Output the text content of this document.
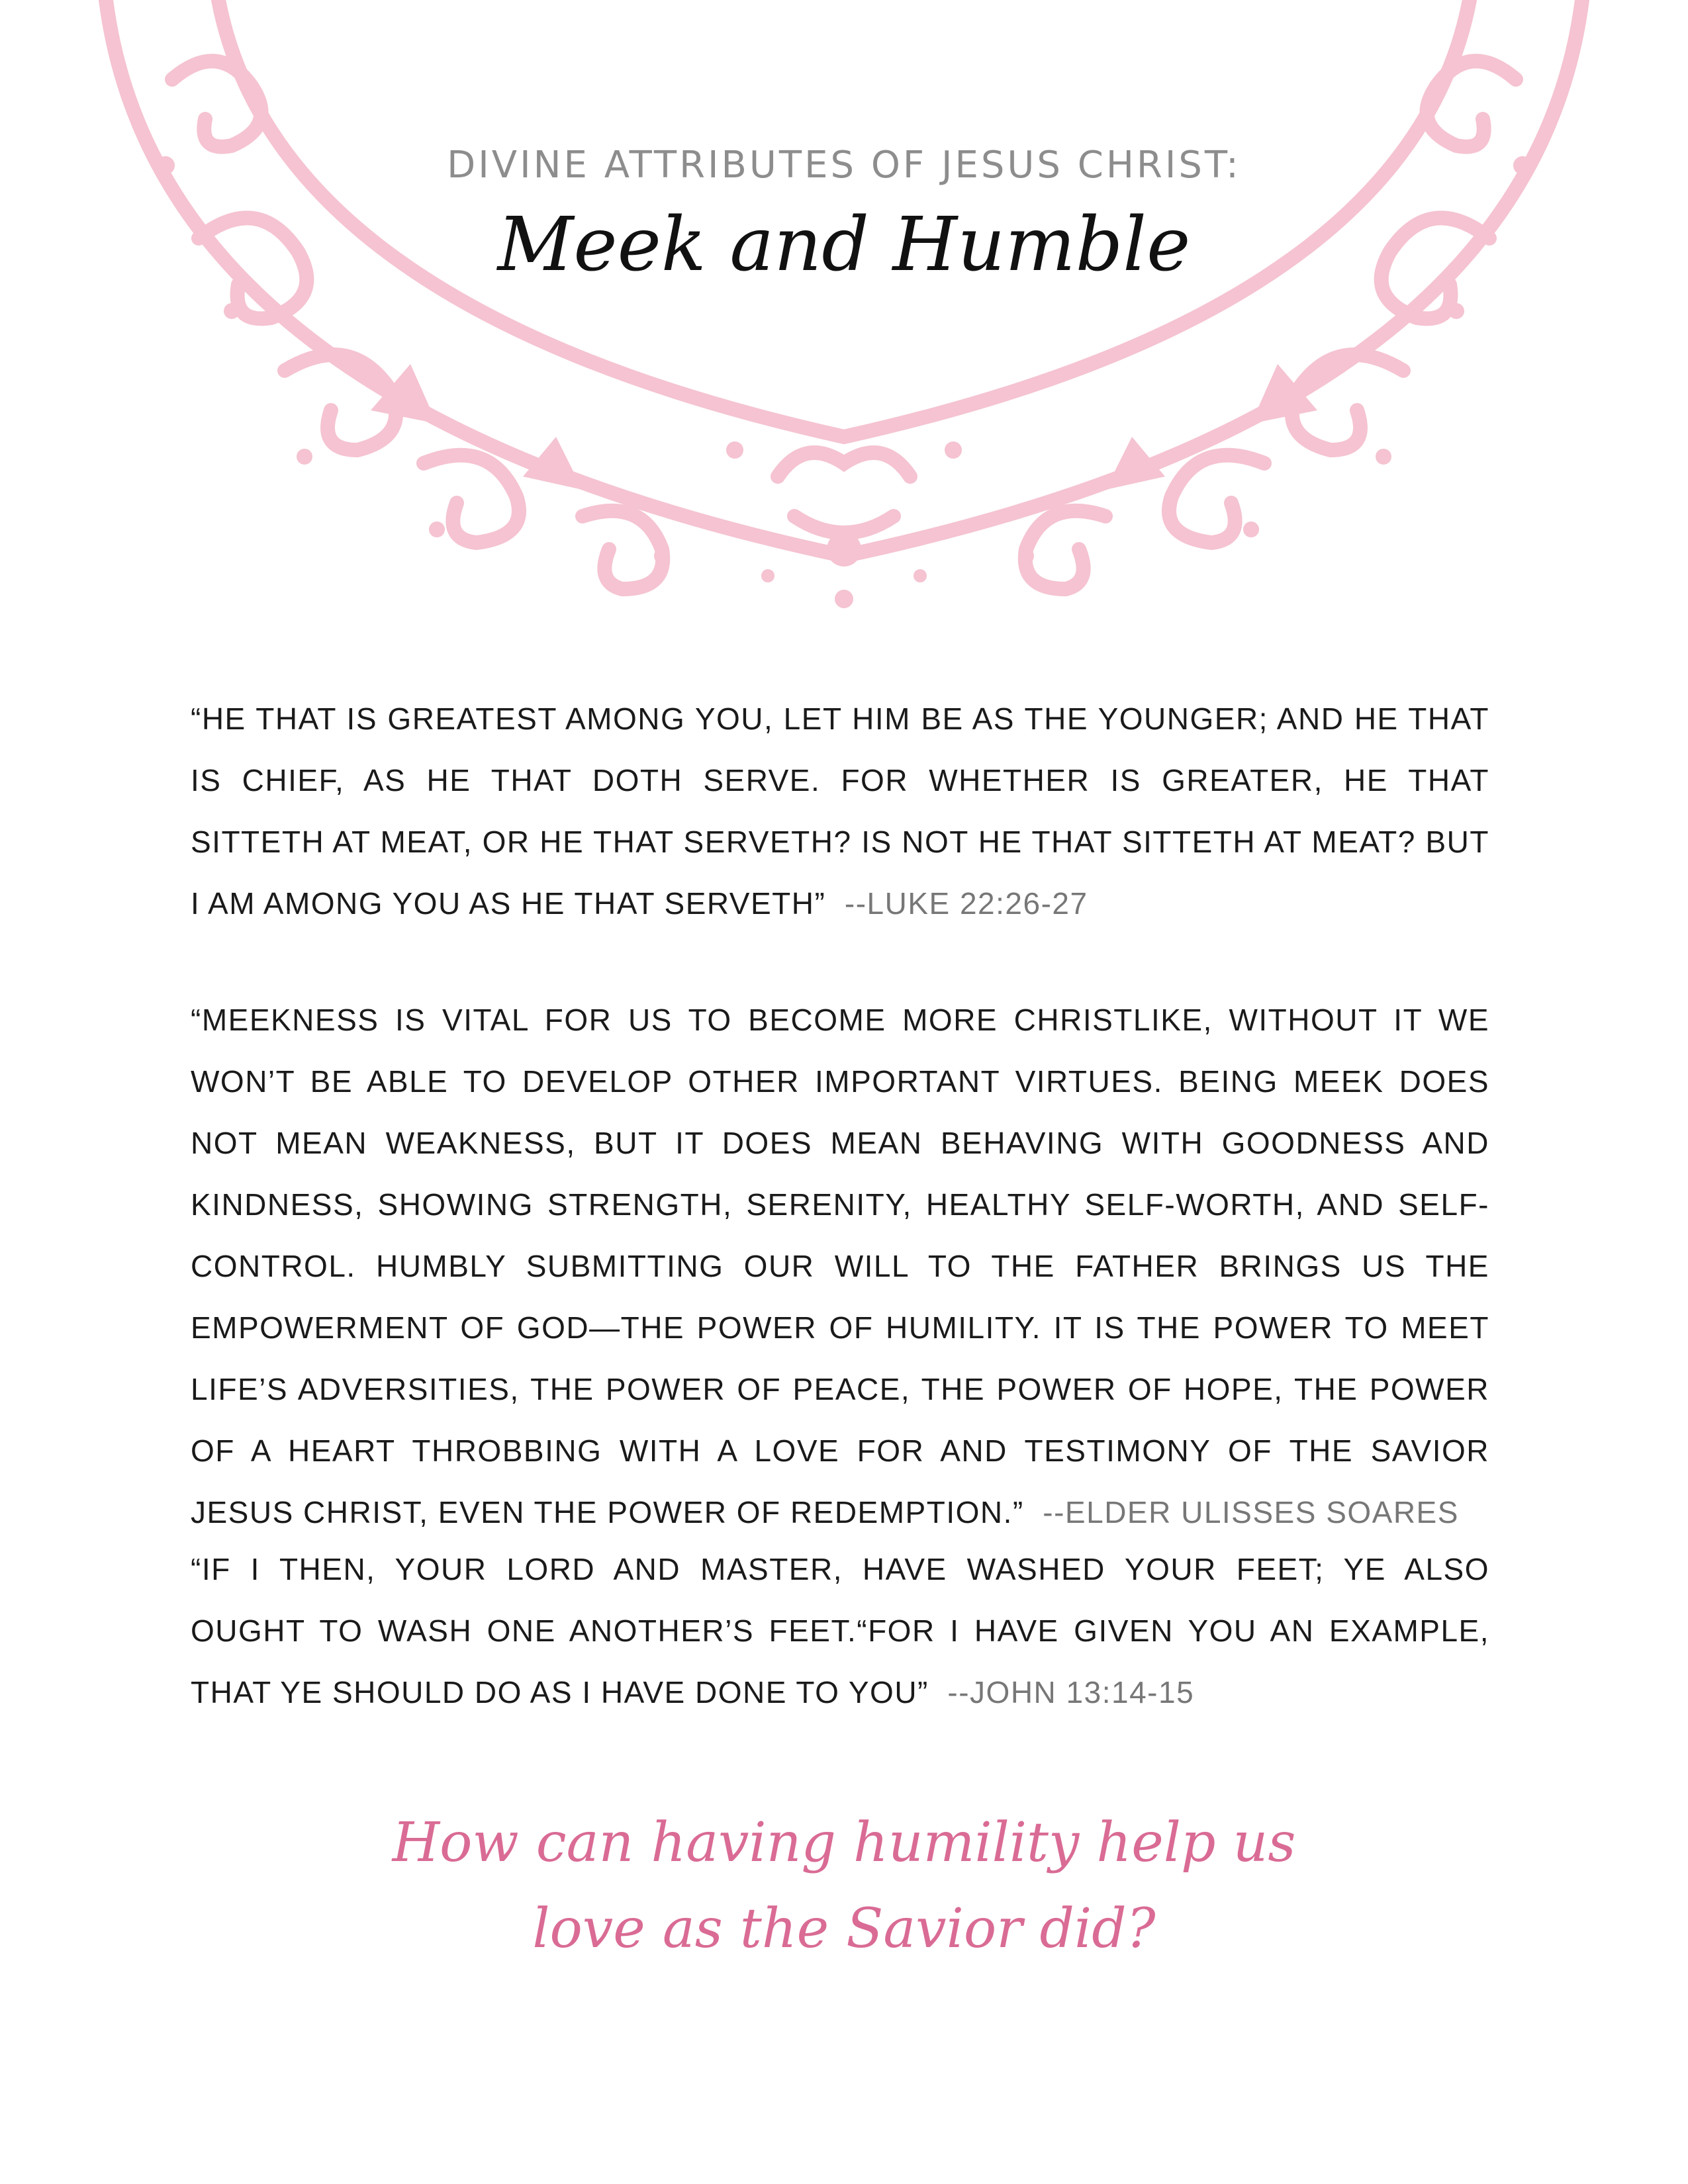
DIVINE ATTRIBUTES OF JESUS CHRIST:
Meek and Humble
“HE THAT IS GREATEST AMONG YOU, LET HIM BE AS THE YOUNGER; AND HE THAT IS CHIEF, AS HE THAT DOTH SERVE. FOR WHETHER IS GREATER, HE THAT SITTETH AT MEAT, OR HE THAT SERVETH? IS NOT HE THAT SITTETH AT MEAT? BUT I AM AMONG YOU AS HE THAT SERVETH” --LUKE 22:26-27
“MEEKNESS IS VITAL FOR US TO BECOME MORE CHRISTLIKE, WITHOUT IT WE WON’T BE ABLE TO DEVELOP OTHER IMPORTANT VIRTUES. BEING MEEK DOES NOT MEAN WEAKNESS, BUT IT DOES MEAN BEHAVING WITH GOODNESS AND KINDNESS, SHOWING STRENGTH, SERENITY, HEALTHY SELF-WORTH, AND SELF-CONTROL. HUMBLY SUBMITTING OUR WILL TO THE FATHER BRINGS US THE EMPOWERMENT OF GOD—THE POWER OF HUMILITY. IT IS THE POWER TO MEET LIFE’S ADVERSITIES, THE POWER OF PEACE, THE POWER OF HOPE, THE POWER OF A HEART THROBBING WITH A LOVE FOR AND TESTIMONY OF THE SAVIOR JESUS CHRIST, EVEN THE POWER OF REDEMPTION.” --ELDER ULISSES SOARES
“IF I THEN, YOUR LORD AND MASTER, HAVE WASHED YOUR FEET; YE ALSO OUGHT TO WASH ONE ANOTHER’S FEET.“FOR I HAVE GIVEN YOU AN EXAMPLE, THAT YE SHOULD DO AS I HAVE DONE TO YOU” --JOHN 13:14-15
How can having humility help us
love as the Savior did?
